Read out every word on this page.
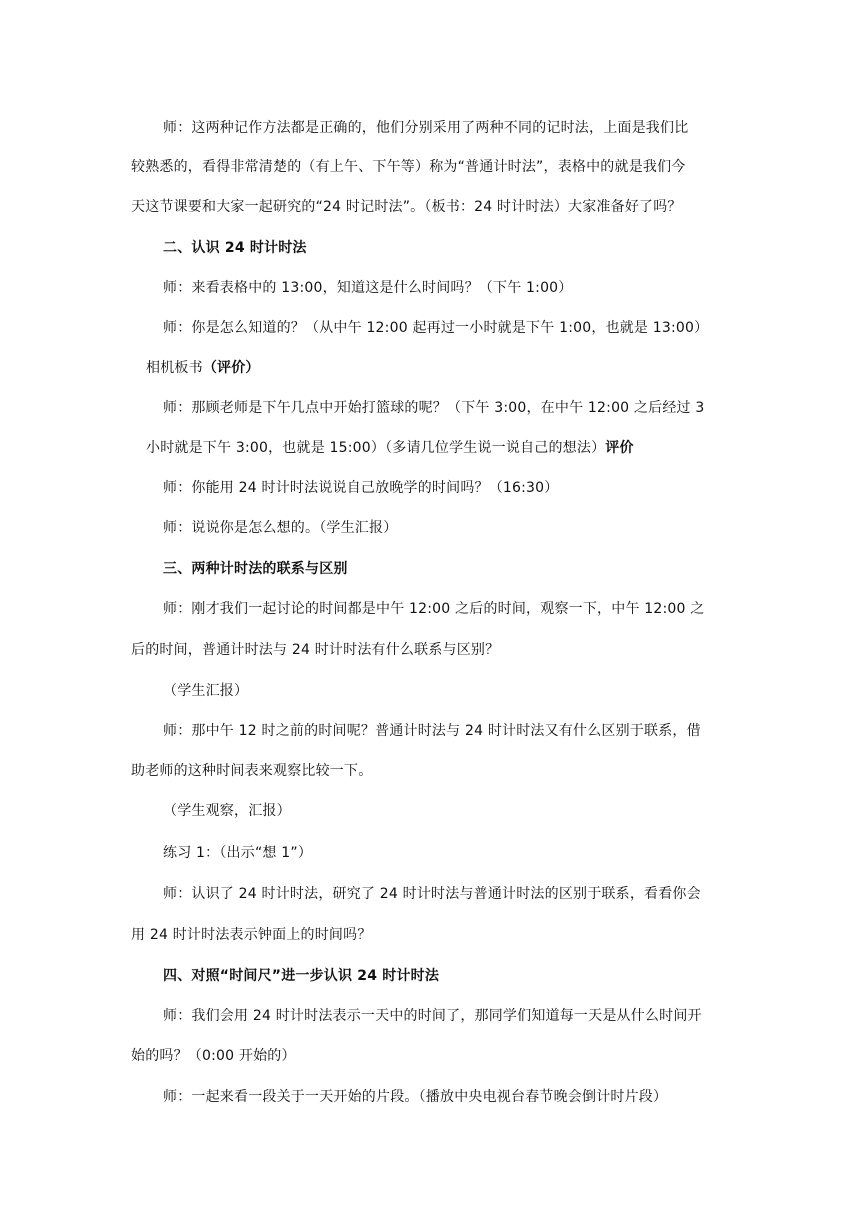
师：这两种记作方法都是正确的，他们分别采用了两种不同的记时法，上面是我们比
较熟悉的，看得非常清楚的（有上午、下午等）称为“普通计时法”，表格中的就是我们今
天这节课要和大家一起研究的“24 时记时法”。（板书：24 时计时法）大家准备好了吗？
二、认识 24 时计时法
师：来看表格中的 13:00，知道这是什么时间吗？（下午 1:00）
师：你是怎么知道的？（从中午 12:00 起再过一小时就是下午 1:00，也就是 13:00）
相机板书（评价）
师：那顾老师是下午几点中开始打篮球的呢？（下午 3:00，在中午 12:00 之后经过 3
小时就是下午 3:00，也就是 15:00）（多请几位学生说一说自己的想法）评价
师：你能用 24 时计时法说说自己放晚学的时间吗？（16:30）
师：说说你是怎么想的。（学生汇报）
三、两种计时法的联系与区别
师：刚才我们一起讨论的时间都是中午 12:00 之后的时间，观察一下，中午 12:00 之
后的时间，普通计时法与 24 时计时法有什么联系与区别？
（学生汇报）
师：那中午 12 时之前的时间呢？普通计时法与 24 时计时法又有什么区别于联系，借
助老师的这种时间表来观察比较一下。
（学生观察，汇报）
练习 1：（出示“想 1”）
师：认识了 24 时计时法，研究了 24 时计时法与普通计时法的区别于联系，看看你会
用 24 时计时法表示钟面上的时间吗？
四、对照“时间尺”进一步认识 24 时计时法
师：我们会用 24 时计时法表示一天中的时间了，那同学们知道每一天是从什么时间开
始的吗？（0:00 开始的）
师：一起来看一段关于一天开始的片段。（播放中央电视台春节晚会倒计时片段）
